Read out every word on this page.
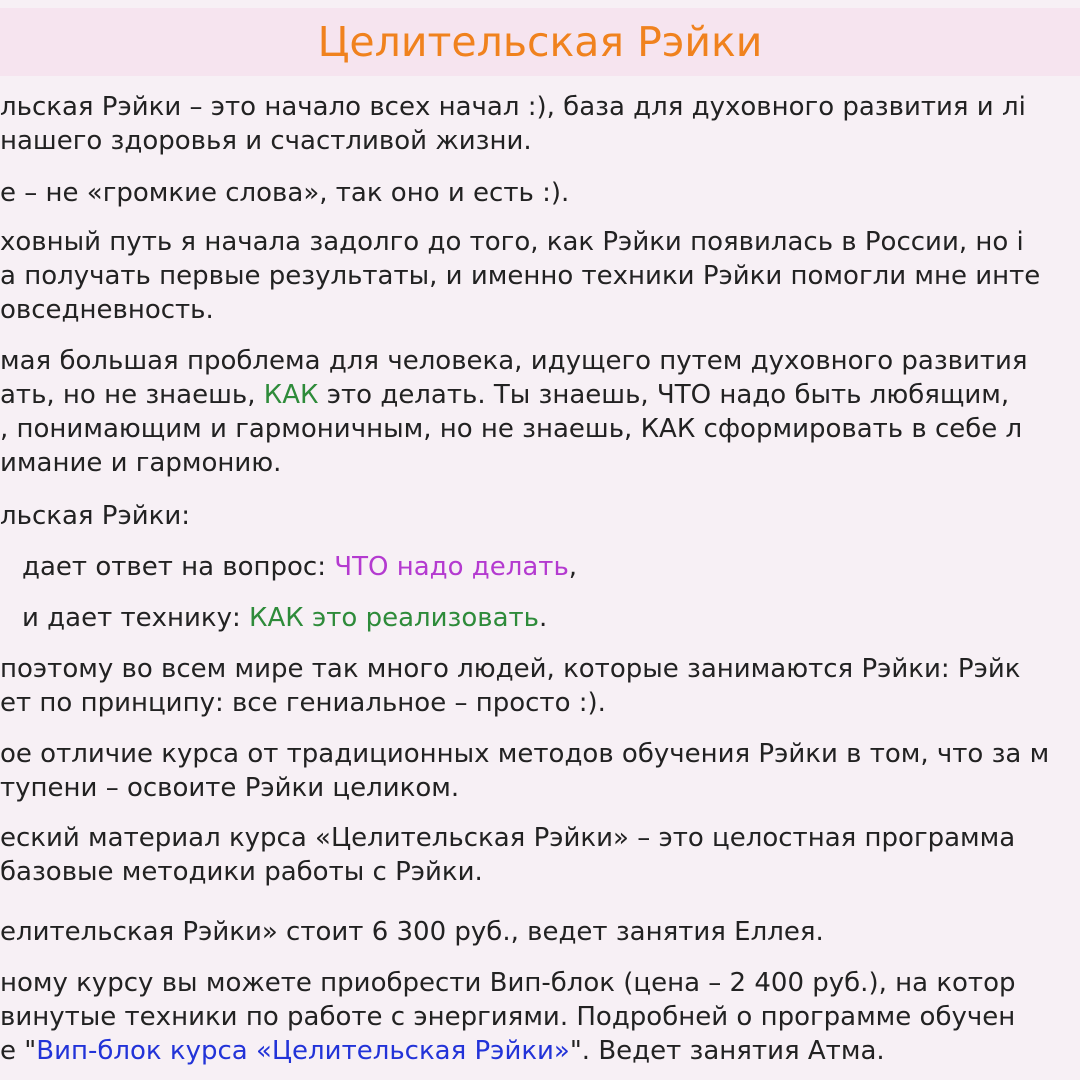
Целительская Рэйки
льская Рэйки – это начало всех начал :), база для духовного развития и лі
нашего здоровья и счастливой жизни.
е – не «громкие слова», так оно и есть :).
ховный путь я начала задолго до того, как Рэйки появилась в России, но і
а получать первые результаты, и именно техники Рэйки помогли мне инте
овседневность.
мая большая проблема для человека, идущего путем духовного развития
ать, но не знаешь, КАК это делать. Ты знаешь, ЧТО надо быть любящим,
, понимающим и гармоничным, но не знаешь, КАК сформировать в себе л
имание и гармонию.
льская Рэйки:
дает ответ на вопрос: ЧТО надо делать,
и дает технику: КАК это реализовать.
поэтому во всем мире так много людей, которые занимаются Рэйки: Рэйк
ет по принципу: все гениальное – просто :).
ое отличие курса от традиционных методов обучения Рэйки в том, что за м
тупени – освоите Рэйки целиком.
еский материал курса «Целительская Рэйки» – это целостная программа
базовые методики работы с Рэйки.
елительская Рэйки» стоит 6 300 руб., ведет занятия Еллея.
ному курсу вы можете приобрести Вип-блок (цена – 2 400 руб.), на котор
винутые техники по работе с энергиями. Подробней о программе обучен
е "Вип-блок курса «Целительская Рэйки»". Ведет занятия Атма.
